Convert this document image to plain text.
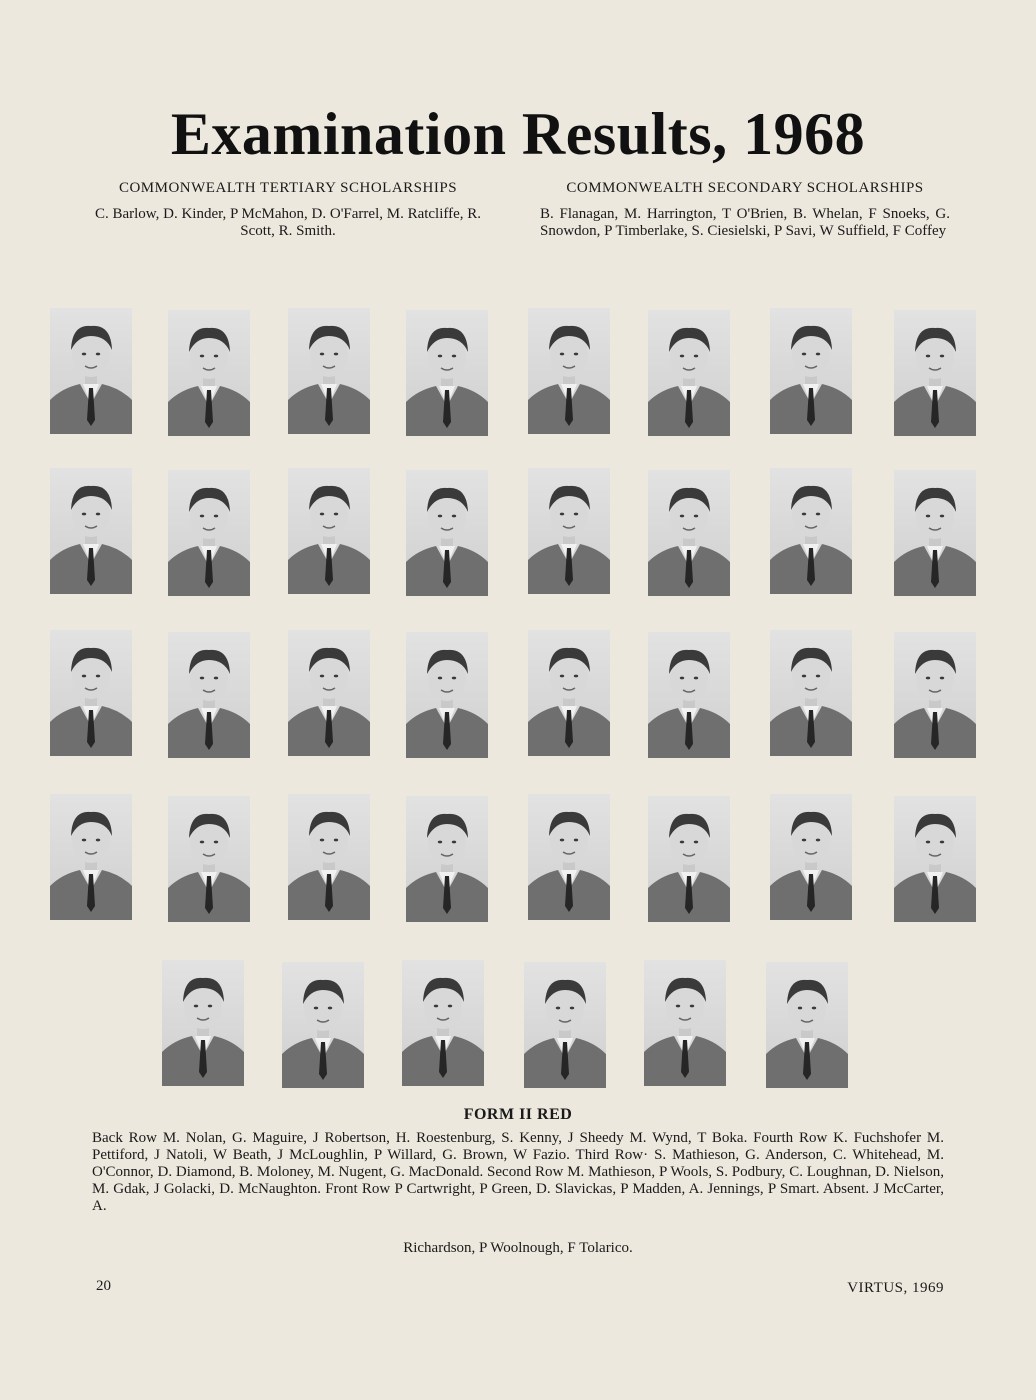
Examination Results, 1968
COMMONWEALTH TERTIARY SCHOLARSHIPS

C. Barlow, D. Kinder, P McMahon, D. O'Farrel, M. Ratcliffe, R. Scott, R. Smith.

COMMONWEALTH SECONDARY SCHOLARSHIPS

B. Flanagan, M. Harrington, T O'Brien, B. Whelan, F Snoeks, G. Snowdon, P Timberlake, S. Ciesielski, P Savi, W Suffield, F Coffey

FORM II RED
Back Row M. Nolan, G. Maguire, J Robertson, H. Roestenburg, S. Kenny, J Sheedy M. Wynd, T Boka. Fourth Row K. Fuchshofer M. Pettiford, J Natoli, W Beath, J McLoughlin, P Willard, G. Brown, W Fazio. Third Row· S. Mathieson, G. Anderson, C. Whitehead, M. O'Connor, D. Diamond, B. Moloney, M. Nugent, G. MacDonald. Second Row M. Mathieson, P Wools, S. Podbury, C. Loughnan, D. Nielson, M. Gdak, J Golacki, D. McNaughton. Front Row P Cartwright, P Green, D. Slavickas, P Madden, A. Jennings, P Smart. Absent. J McCarter, A.
Richardson, P Woolnough, F Tolarico.
20	VIRTUS, 1969
